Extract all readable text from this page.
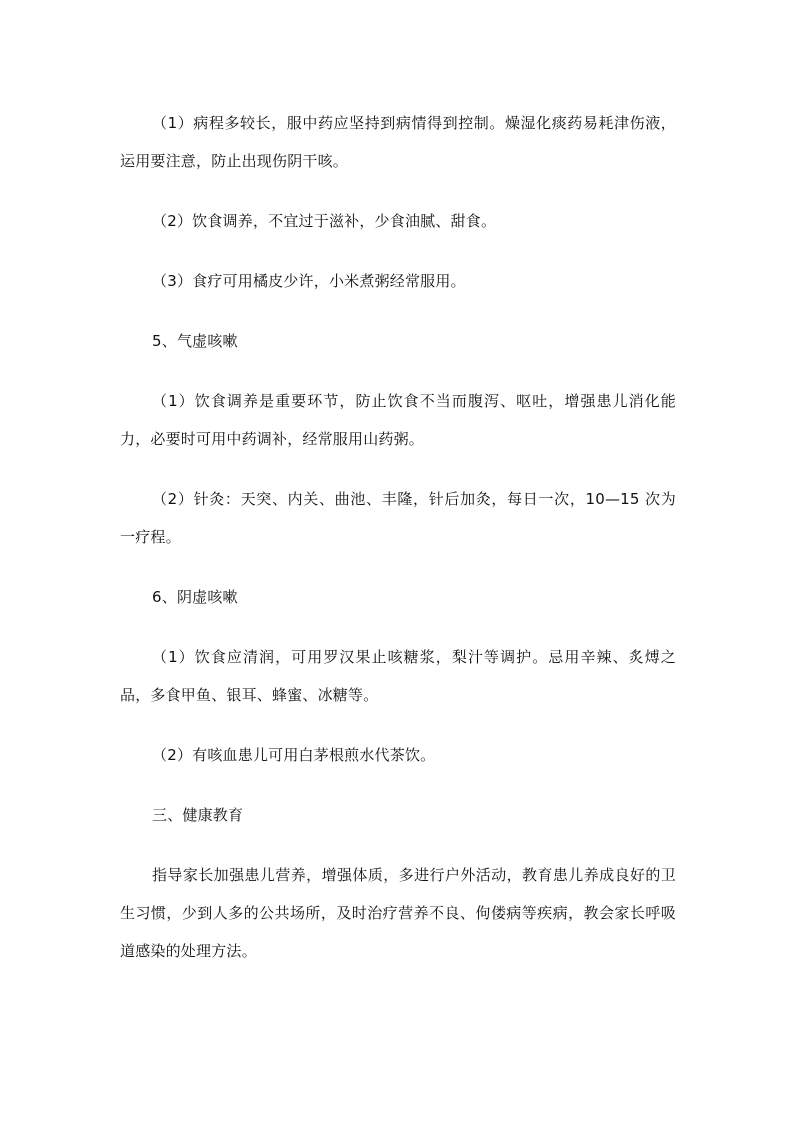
（1）病程多较长，服中药应坚持到病情得到控制。燥湿化痰药易耗津伤液，运用要注意，防止出现伤阴干咳。

（2）饮食调养，不宜过于滋补，少食油腻、甜食。

（3）食疗可用橘皮少许，小米煮粥经常服用。

5、气虚咳嗽

（1）饮食调养是重要环节，防止饮食不当而腹泻、呕吐，增强患儿消化能力，必要时可用中药调补，经常服用山药粥。

（2）针灸：天突、内关、曲池、丰隆，针后加灸，每日一次，10—15 次为一疗程。

6、阴虚咳嗽

（1）饮食应清润，可用罗汉果止咳糖浆，梨汁等调护。忌用辛辣、炙煿之品，多食甲鱼、银耳、蜂蜜、冰糖等。

（2）有咳血患儿可用白茅根煎水代茶饮。

三、健康教育

指导家长加强患儿营养，增强体质，多进行户外活动，教育患儿养成良好的卫生习惯，少到人多的公共场所，及时治疗营养不良、佝偻病等疾病，教会家长呼吸道感染的处理方法。
